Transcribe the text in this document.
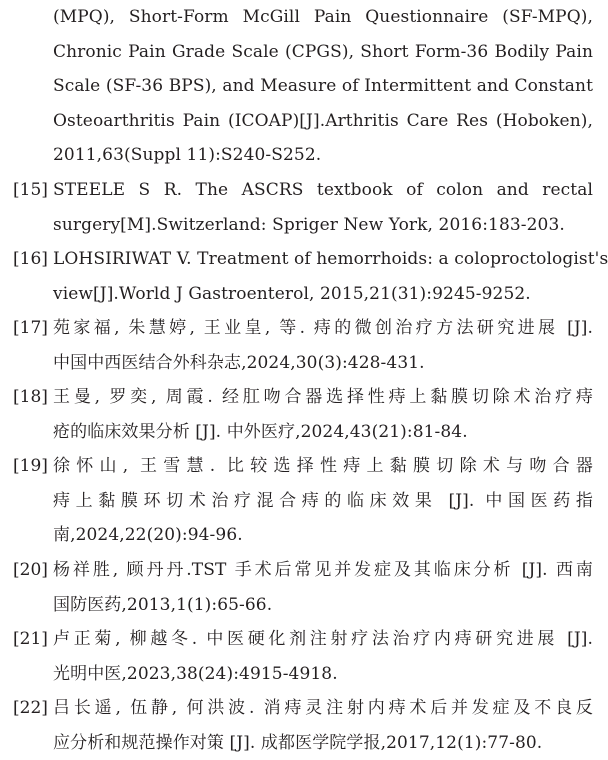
(MPQ), Short-Form McGill Pain Questionnaire (SF-MPQ),
Chronic Pain Grade Scale (CPGS), Short Form-36 Bodily Pain
Scale (SF-36 BPS), and Measure of Intermittent and Constant
Osteoarthritis Pain (ICOAP)[J].Arthritis Care Res (Hoboken),
2011,63(Suppl 11):S240-S252.
[15] STEELE S R. The ASCRS textbook of colon and rectal
surgery[M].Switzerland: Spriger New York, 2016:183-203.
[16] LOHSIRIWAT V. Treatment of hemorrhoids: a coloproctologist's
view[J].World J Gastroenterol, 2015,21(31):9245-9252.
[17] 苑家福, 朱慧婷, 王业皇, 等. 痔的微创治疗方法研究进展 [J].
中国中西医结合外科杂志,2024,30(3):428-431.
[18] 王曼, 罗奕, 周霞. 经肛吻合器选择性痔上黏膜切除术治疗痔
疮的临床效果分析 [J]. 中外医疗,2024,43(21):81-84.
[19] 徐怀山, 王雪慧. 比较选择性痔上黏膜切除术与吻合器
痔上黏膜环切术治疗混合痔的临床效果 [J]. 中国医药指
南,2024,22(20):94-96.
[20] 杨祥胜, 顾丹丹.TST 手术后常见并发症及其临床分析 [J]. 西南
国防医药,2013,1(1):65-66.
[21] 卢正菊, 柳越冬. 中医硬化剂注射疗法治疗内痔研究进展 [J].
光明中医,2023,38(24):4915-4918.
[22] 吕长遥, 伍静, 何洪波. 消痔灵注射内痔术后并发症及不良反
应分析和规范操作对策 [J]. 成都医学院学报,2017,12(1):77-80.
